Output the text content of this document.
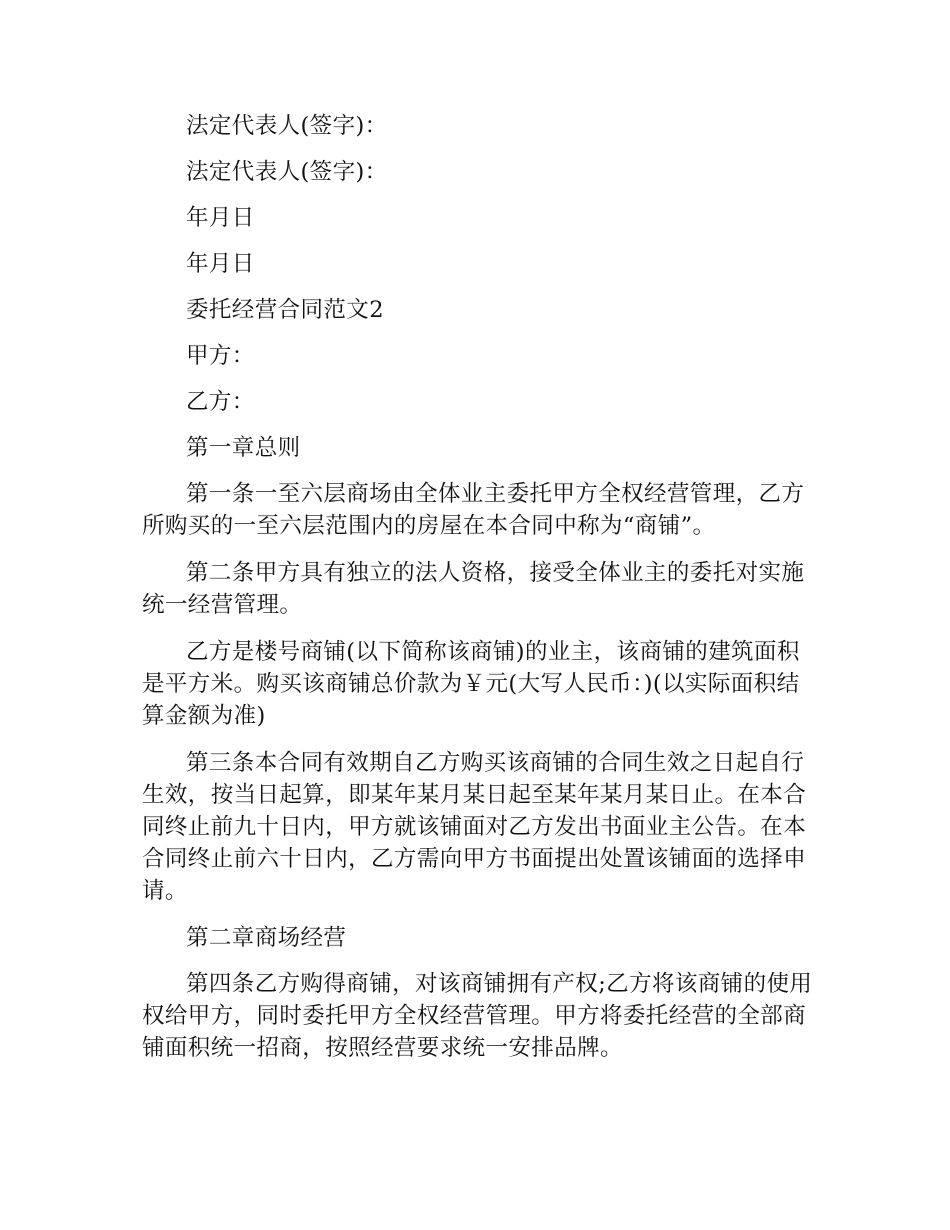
法定代表人(签字)：

法定代表人(签字)：

年月日

年月日

委托经营合同范文2

甲方：

乙方：

第一章总则

第一条一至六层商场由全体业主委托甲方全权经营管理，乙方所购买的一至六层范围内的房屋在本合同中称为“商铺”。

第二条甲方具有独立的法人资格，接受全体业主的委托对实施统一经营管理。

乙方是楼号商铺(以下简称该商铺)的业主，该商铺的建筑面积是平方米。购买该商铺总价款为￥元(大写人民币：)(以实际面积结算金额为准)

第三条本合同有效期自乙方购买该商铺的合同生效之日起自行生效，按当日起算，即某年某月某日起至某年某月某日止。在本合同终止前九十日内，甲方就该铺面对乙方发出书面业主公告。在本合同终止前六十日内，乙方需向甲方书面提出处置该铺面的选择申请。

第二章商场经营

第四条乙方购得商铺，对该商铺拥有产权;乙方将该商铺的使用权给甲方，同时委托甲方全权经营管理。甲方将委托经营的全部商铺面积统一招商，按照经营要求统一安排品牌。
